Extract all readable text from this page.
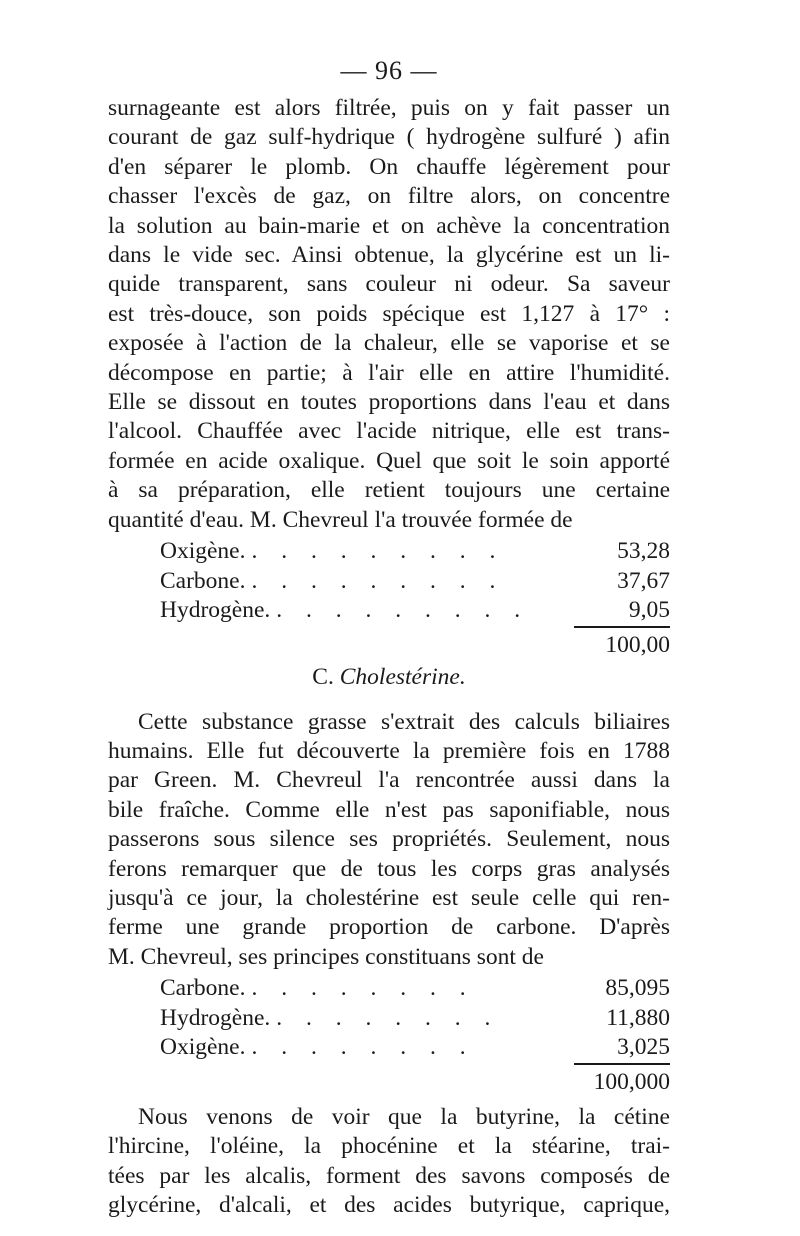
— 96 —
surnageante est alors filtrée, puis on y fait passer un
courant de gaz sulf-hydrique ( hydrogène sulfuré ) afin
d'en séparer le plomb. On chauffe légèrement pour
chasser l'excès de gaz, on filtre alors, on concentre
la solution au bain-marie et on achève la concentration
dans le vide sec. Ainsi obtenue, la glycérine est un li-
quide transparent, sans couleur ni odeur. Sa saveur
est très-douce, son poids spécique est 1,127 à 17° :
exposée à l'action de la chaleur, elle se vaporise et se
décompose en partie; à l'air elle en attire l'humidité.
Elle se dissout en toutes proportions dans l'eau et dans
l'alcool. Chauffée avec l'acide nitrique, elle est trans-
formée en acide oxalique. Quel que soit le soin apporté
à sa préparation, elle retient toujours une certaine
quantité d'eau. M. Chevreul l'a trouvée formée de
Oxigène. . . . . . . . . .	53,28
Carbone. . . . . . . . . .	37,67
Hydrogène. . . . . . . . . .	9,05
100,00
C. Cholestérine.
Cette substance grasse s'extrait des calculs biliaires
humains. Elle fut découverte la première fois en 1788
par Green. M. Chevreul l'a rencontrée aussi dans la
bile fraîche. Comme elle n'est pas saponifiable, nous
passerons sous silence ses propriétés. Seulement, nous
ferons remarquer que de tous les corps gras analysés
jusqu'à ce jour, la cholestérine est seule celle qui ren-
ferme une grande proportion de carbone. D'après
M. Chevreul, ses principes constituans sont de
Carbone. . . . . . . . .	85,095
Hydrogène. . . . . . . . .	11,880
Oxigène. . . . . . . . .	3,025
100,000
Nous venons de voir que la butyrine, la cétine
l'hircine, l'oléine, la phocénine et la stéarine, trai-
tées par les alcalis, forment des savons composés de
glycérine, d'alcali, et des acides butyrique, caprique,
